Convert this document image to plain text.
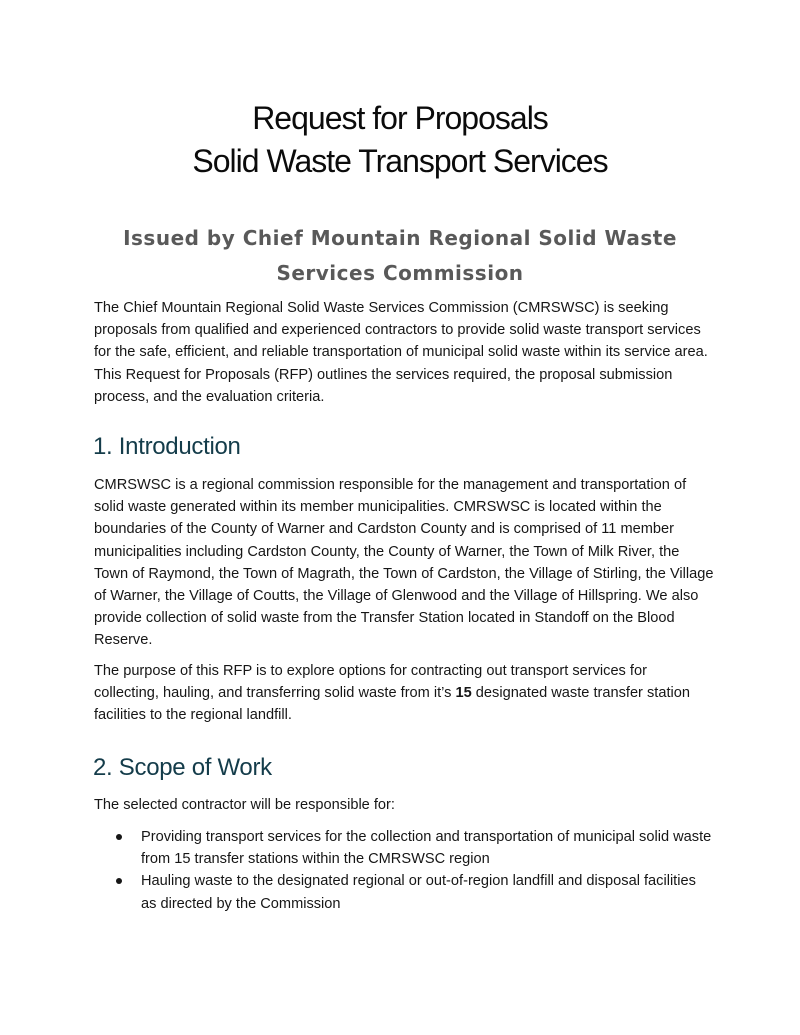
Request for Proposals
Solid Waste Transport Services
Issued by Chief Mountain Regional Solid Waste Services Commission
The Chief Mountain Regional Solid Waste Services Commission (CMRSWSC) is seeking proposals from qualified and experienced contractors to provide solid waste transport services for the safe, efficient, and reliable transportation of municipal solid waste within its service area. This Request for Proposals (RFP) outlines the services required, the proposal submission process, and the evaluation criteria.
1. Introduction
CMRSWSC is a regional commission responsible for the management and transportation of solid waste generated within its member municipalities. CMRSWSC is located within the boundaries of the County of Warner and Cardston County and is comprised of 11 member municipalities including Cardston County, the County of Warner, the Town of Milk River, the Town of Raymond, the Town of Magrath, the Town of Cardston, the Village of Stirling, the Village of Warner, the Village of Coutts, the Village of Glenwood and the Village of Hillspring. We also provide collection of solid waste from the Transfer Station located in Standoff on the Blood Reserve.
The purpose of this RFP is to explore options for contracting out transport services for collecting, hauling, and transferring solid waste from it’s 15 designated waste transfer station facilities to the regional landfill.
2. Scope of Work
The selected contractor will be responsible for:
Providing transport services for the collection and transportation of municipal solid waste from 15 transfer stations within the CMRSWSC region
Hauling waste to the designated regional or out-of-region landfill and disposal facilities as directed by the Commission
